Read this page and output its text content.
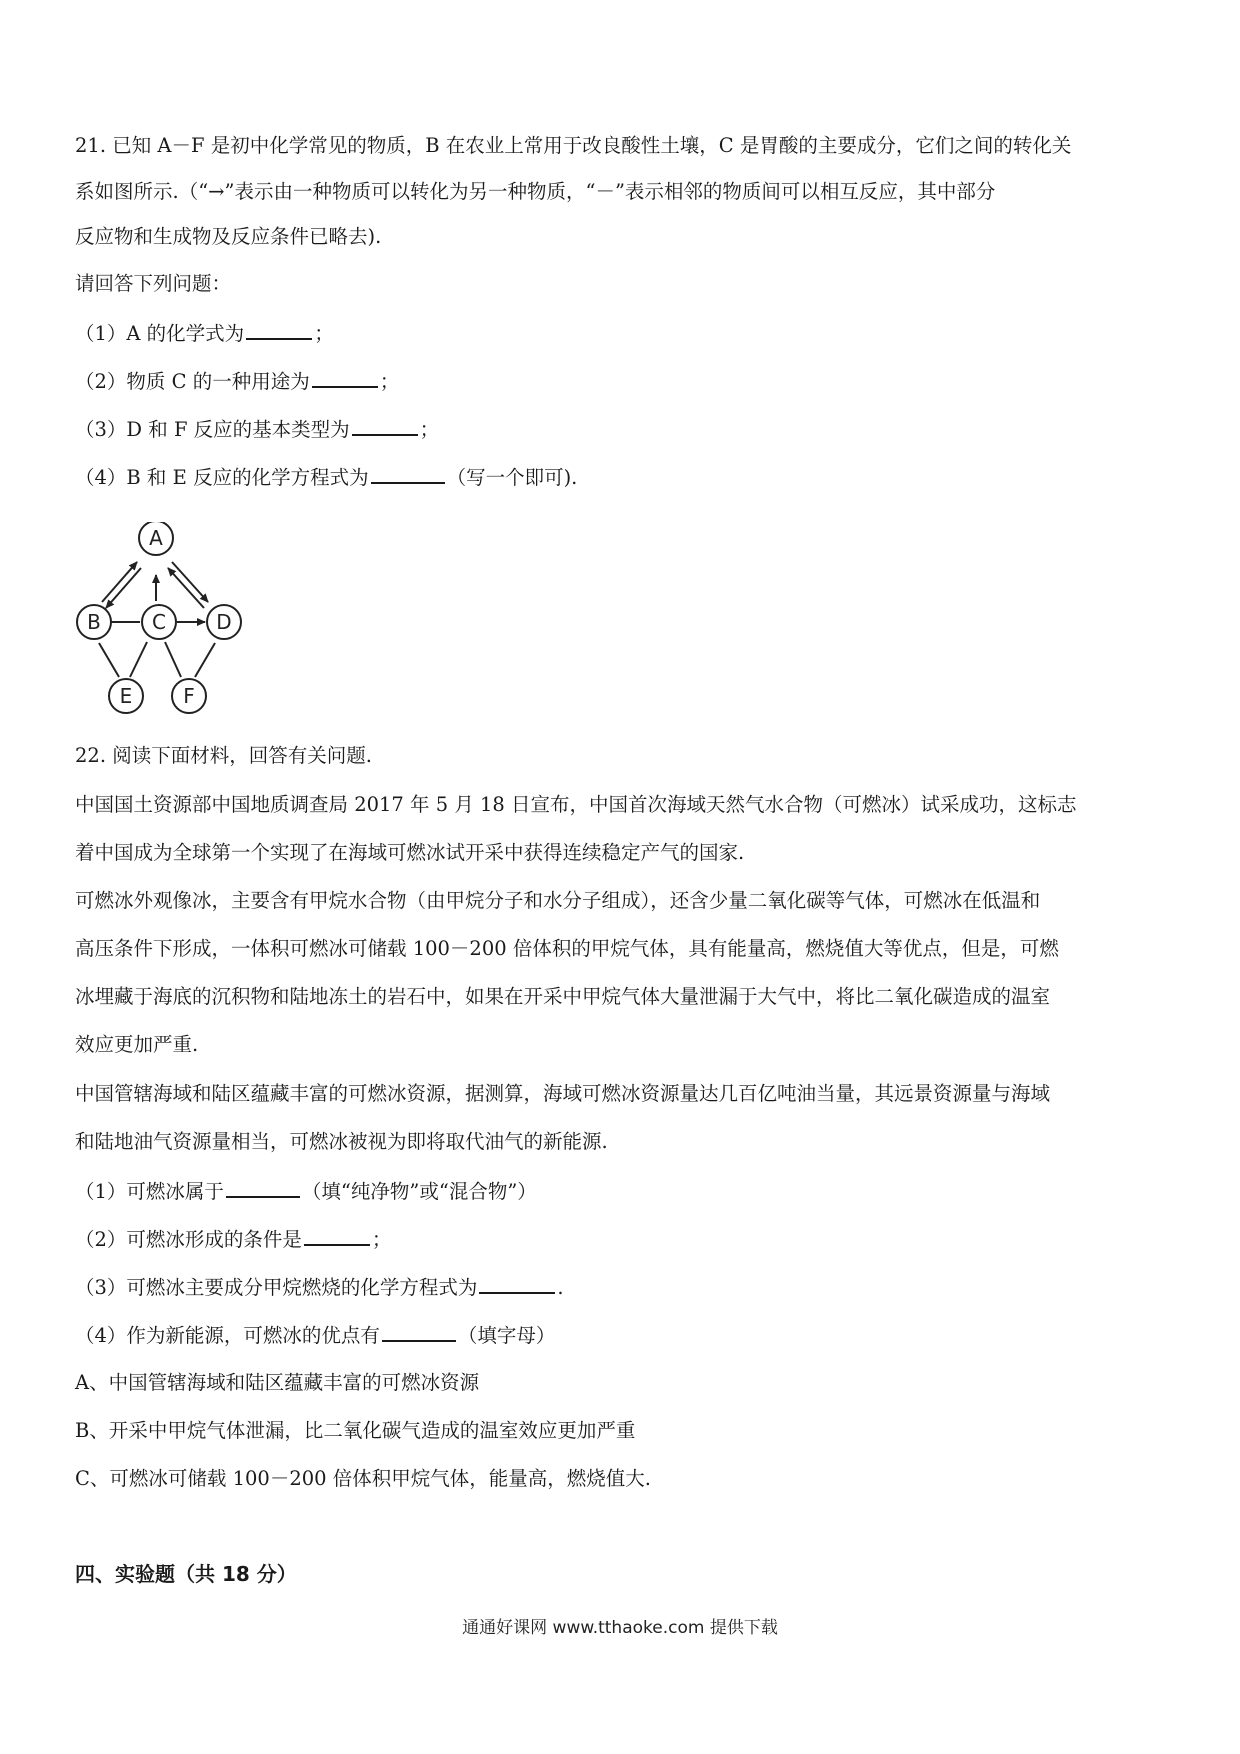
21. 已知 A－F 是初中化学常见的物质，B 在农业上常用于改良酸性土壤，C 是胃酸的主要成分，它们之间的转化关
系如图所示.（“→”表示由一种物质可以转化为另一种物质，“－”表示相邻的物质间可以相互反应，其中部分
反应物和生成物及反应条件已略去).
请回答下列问题：
（1）A 的化学式为	；
（2）物质 C 的一种用途为	；
（3）D 和 F 反应的基本类型为	；
（4）B 和 E 反应的化学方程式为	（写一个即可).
A
B	C	D
E	F
22. 阅读下面材料，回答有关问题.
中国国土资源部中国地质调查局 2017 年 5 月 18 日宣布，中国首次海域天然气水合物（可燃冰）试采成功，这标志
着中国成为全球第一个实现了在海域可燃冰试开采中获得连续稳定产气的国家.
可燃冰外观像冰，主要含有甲烷水合物（由甲烷分子和水分子组成），还含少量二氧化碳等气体，可燃冰在低温和
高压条件下形成，一体积可燃冰可储载 100－200 倍体积的甲烷气体，具有能量高，燃烧值大等优点，但是，可燃
冰埋藏于海底的沉积物和陆地冻土的岩石中，如果在开采中甲烷气体大量泄漏于大气中，将比二氧化碳造成的温室
效应更加严重.
中国管辖海域和陆区蕴藏丰富的可燃冰资源，据测算，海域可燃冰资源量达几百亿吨油当量，其远景资源量与海域
和陆地油气资源量相当，可燃冰被视为即将取代油气的新能源.
（1）可燃冰属于	（填“纯净物”或“混合物”）
（2）可燃冰形成的条件是	；
（3）可燃冰主要成分甲烷燃烧的化学方程式为	.
（4）作为新能源，可燃冰的优点有	（填字母）
A、中国管辖海域和陆区蕴藏丰富的可燃冰资源
B、开采中甲烷气体泄漏，比二氧化碳气造成的温室效应更加严重
C、可燃冰可储载 100－200 倍体积甲烷气体，能量高，燃烧值大.
四、实验题（共 18 分）
通通好课网 www.tthaoke.com 提供下载
